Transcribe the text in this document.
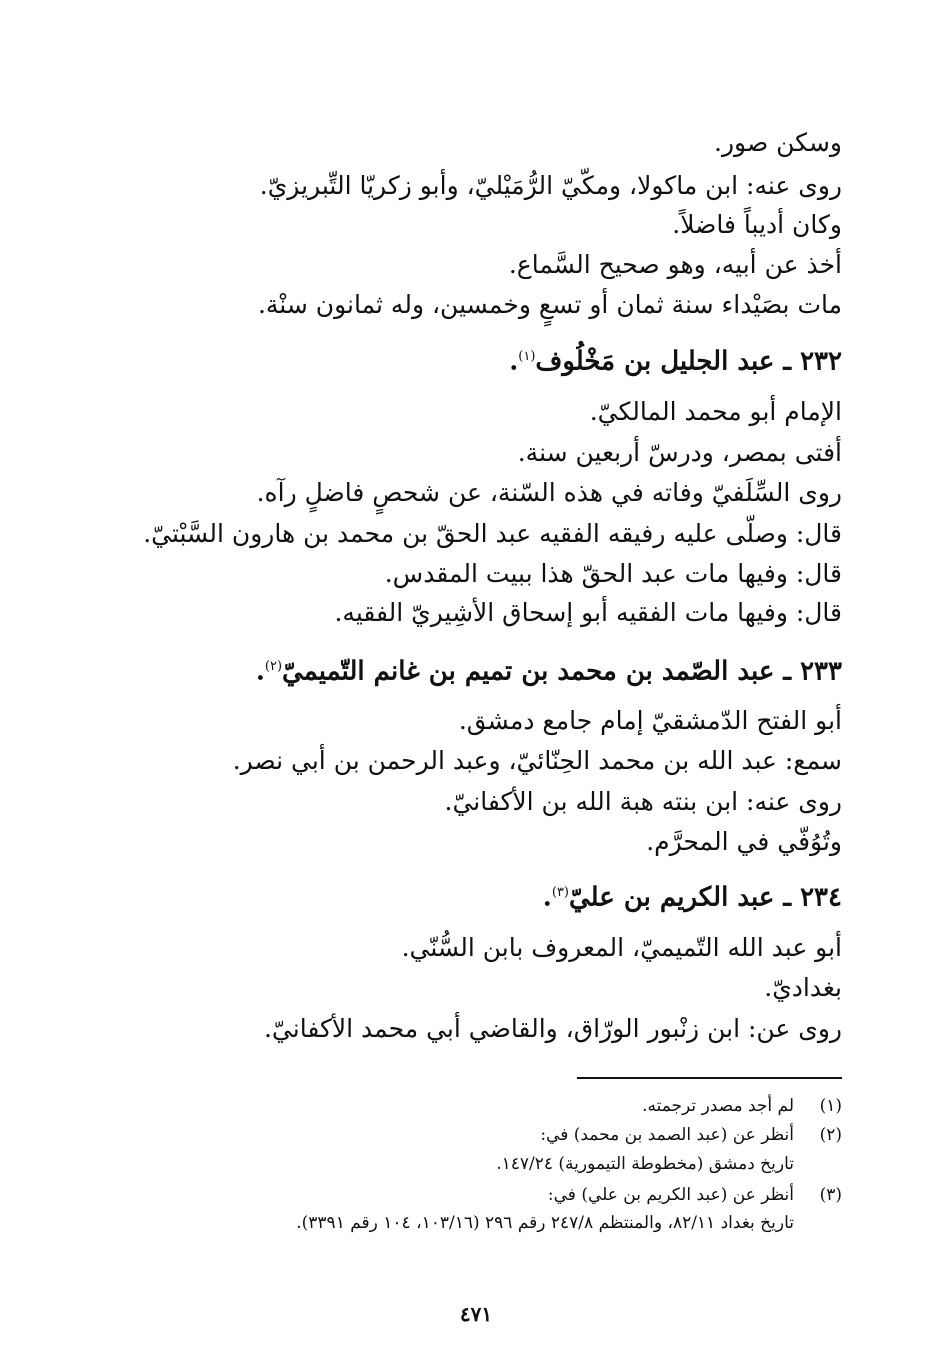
وسكن صور.
روى عنه: ابن ماكولا، ومكّيّ الرُّمَيْليّ، وأبو زكريّا التِّبريزيّ.
وكان أديباً فاضلاً.
أخذ عن أبيه، وهو صحيح السَّماع.
مات بصَيْداء سنة ثمان أو تسعٍ وخمسين، وله ثمانون سنْة.
٢٣٢ ـ عبد الجليل بن مَخْلُوف$^{(١)}$.
الإمام أبو محمد المالكيّ.
أفتى بمصر، ودرسّ أربعين سنة.
روى السِّلَفيّ وفاته في هذه السّنة، عن شحصٍ فاضلٍ رآه.
قال: وصلّى عليه رفيقه الفقيه عبد الحقّ بن محمد بن هارون السَّبْتيّ.
قال: وفيها مات عبد الحقّ هذا ببيت المقدس.
قال: وفيها مات الفقيه أبو إسحاق الأشِيريّ الفقيه.
٢٣٣ ـ عبد الصّمد بن محمد بن تميم بن غانم التّميميّ$^{(٢)}$.
أبو الفتح الدّمشقيّ إمام جامع دمشق.
سمع: عبد الله بن محمد الحِنّائيّ، وعبد الرحمن بن أبي نصر.
روى عنه: ابن بنته هبة الله بن الأكفانيّ.
وتُوُفّي في المحرَّم.
٢٣٤ ـ عبد الكريم بن عليّ$^{(٣)}$.
أبو عبد الله التّميميّ، المعروف بابن السُّنّي.
بغداديّ.
روى عن: ابن زنْبور الورّاق، والقاضي أبي محمد الأكفانيّ.
(١)لم أجد مصدر ترجمته.
(٢)أنظر عن (عبد الصمد بن محمد) في:
تاريخ دمشق (مخطوطة التيمورية) ١٤٧/٢٤.
(٣)أنظر عن (عبد الكريم بن علي) في:
تاريخ بغداد ٨٢/١١، والمنتظم ٢٤٧/٨ رقم ٢٩٦ (١٠٣/١٦، ١٠٤ رقم ٣٣٩١).
٤٧١
